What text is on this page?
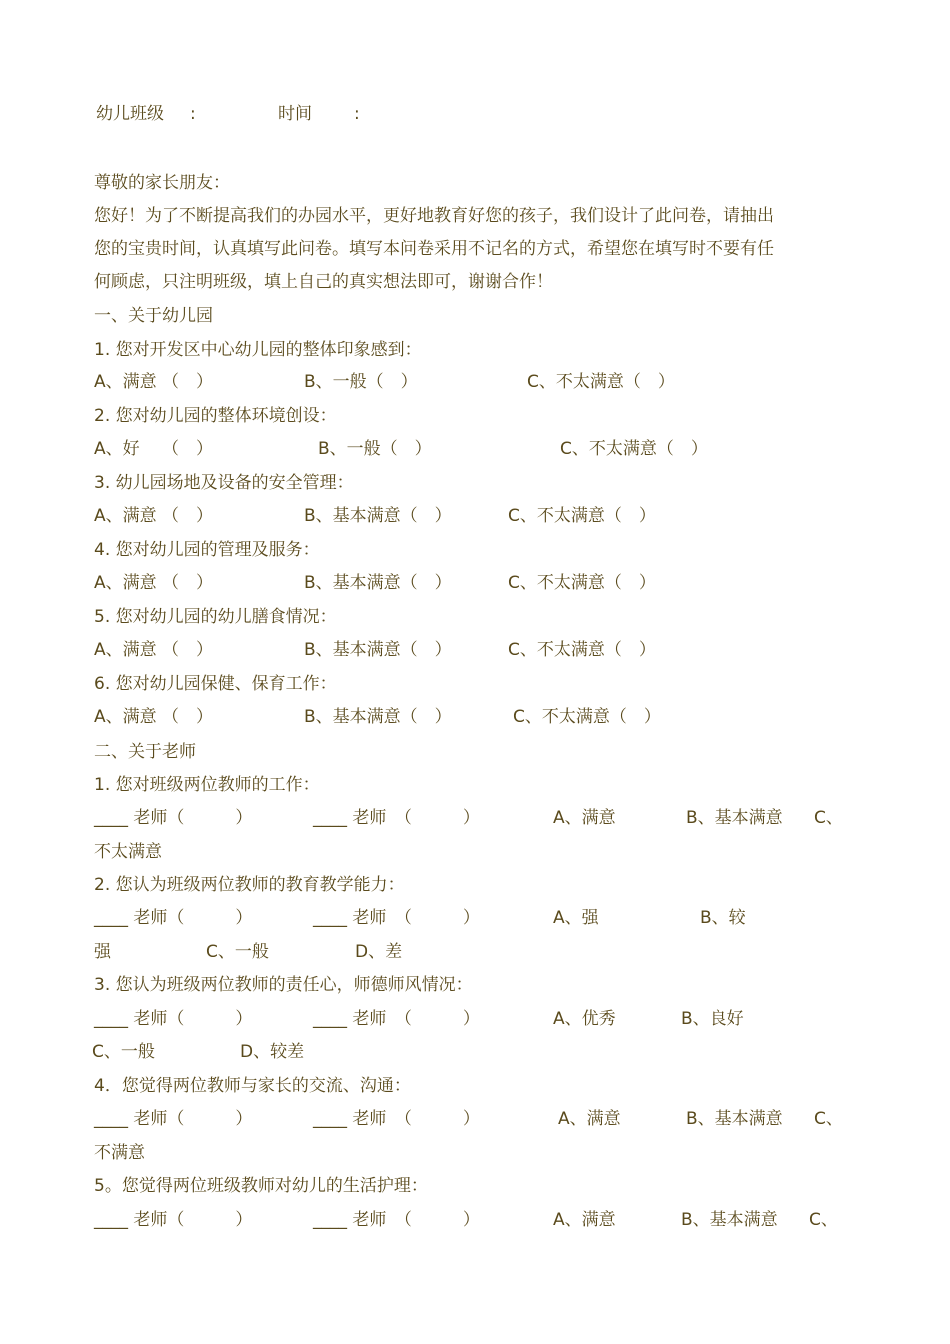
幼儿班级 :	时间 :
尊敬的家长朋友：
您好！为了不断提高我们的办园水平，更好地教育好您的孩子，我们设计了此问卷，请抽出
您的宝贵时间，认真填写此问卷。填写本问卷采用不记名的方式，希望您在填写时不要有任
何顾虑，只注明班级，填上自己的真实想法即可，谢谢合作！
一、关于幼儿园
1. 您对开发区中心幼儿园的整体印象感到：
A、满意 （　）	B、一般（　）	C、不太满意（　）
2. 您对幼儿园的整体环境创设：
A、好　 （　）	B、一般（　）	C、不太满意（　）
3. 幼儿园场地及设备的安全管理：
A、满意 （　）	B、基本满意（　）	C、不太满意（　）
4. 您对幼儿园的管理及服务：
A、满意 （　）	B、基本满意（　）	C、不太满意（　）
5. 您对幼儿园的幼儿膳食情况：
A、满意 （　）	B、基本满意（　）	C、不太满意（　）
6. 您对幼儿园保健、保育工作：
A、满意 （　）	B、基本满意（　）	C、不太满意（　）
二、关于老师
1. 您对班级两位教师的工作：
____ 老师（　　　）	____ 老师　（　　　）	A、满意	B、基本满意 C、
不太满意
2. 您认为班级两位教师的教育教学能力：
____ 老师（　　　）	____ 老师　（　　　）	A、强	B、较
强	C、一般	D、差
3. 您认为班级两位教师的责任心，师德师风情况：
____ 老师（　　　）	____ 老师　（　　　）	A、优秀	B、良好
C、一般	D、较差
4．您觉得两位教师与家长的交流、沟通：
____ 老师（　　　）	____ 老师　（　　　）	A、满意	B、基本满意 C、
不满意
5。您觉得两位班级教师对幼儿的生活护理：
____ 老师（　　　）	____ 老师　（　　　）	A、满意	B、基本满意 C、
